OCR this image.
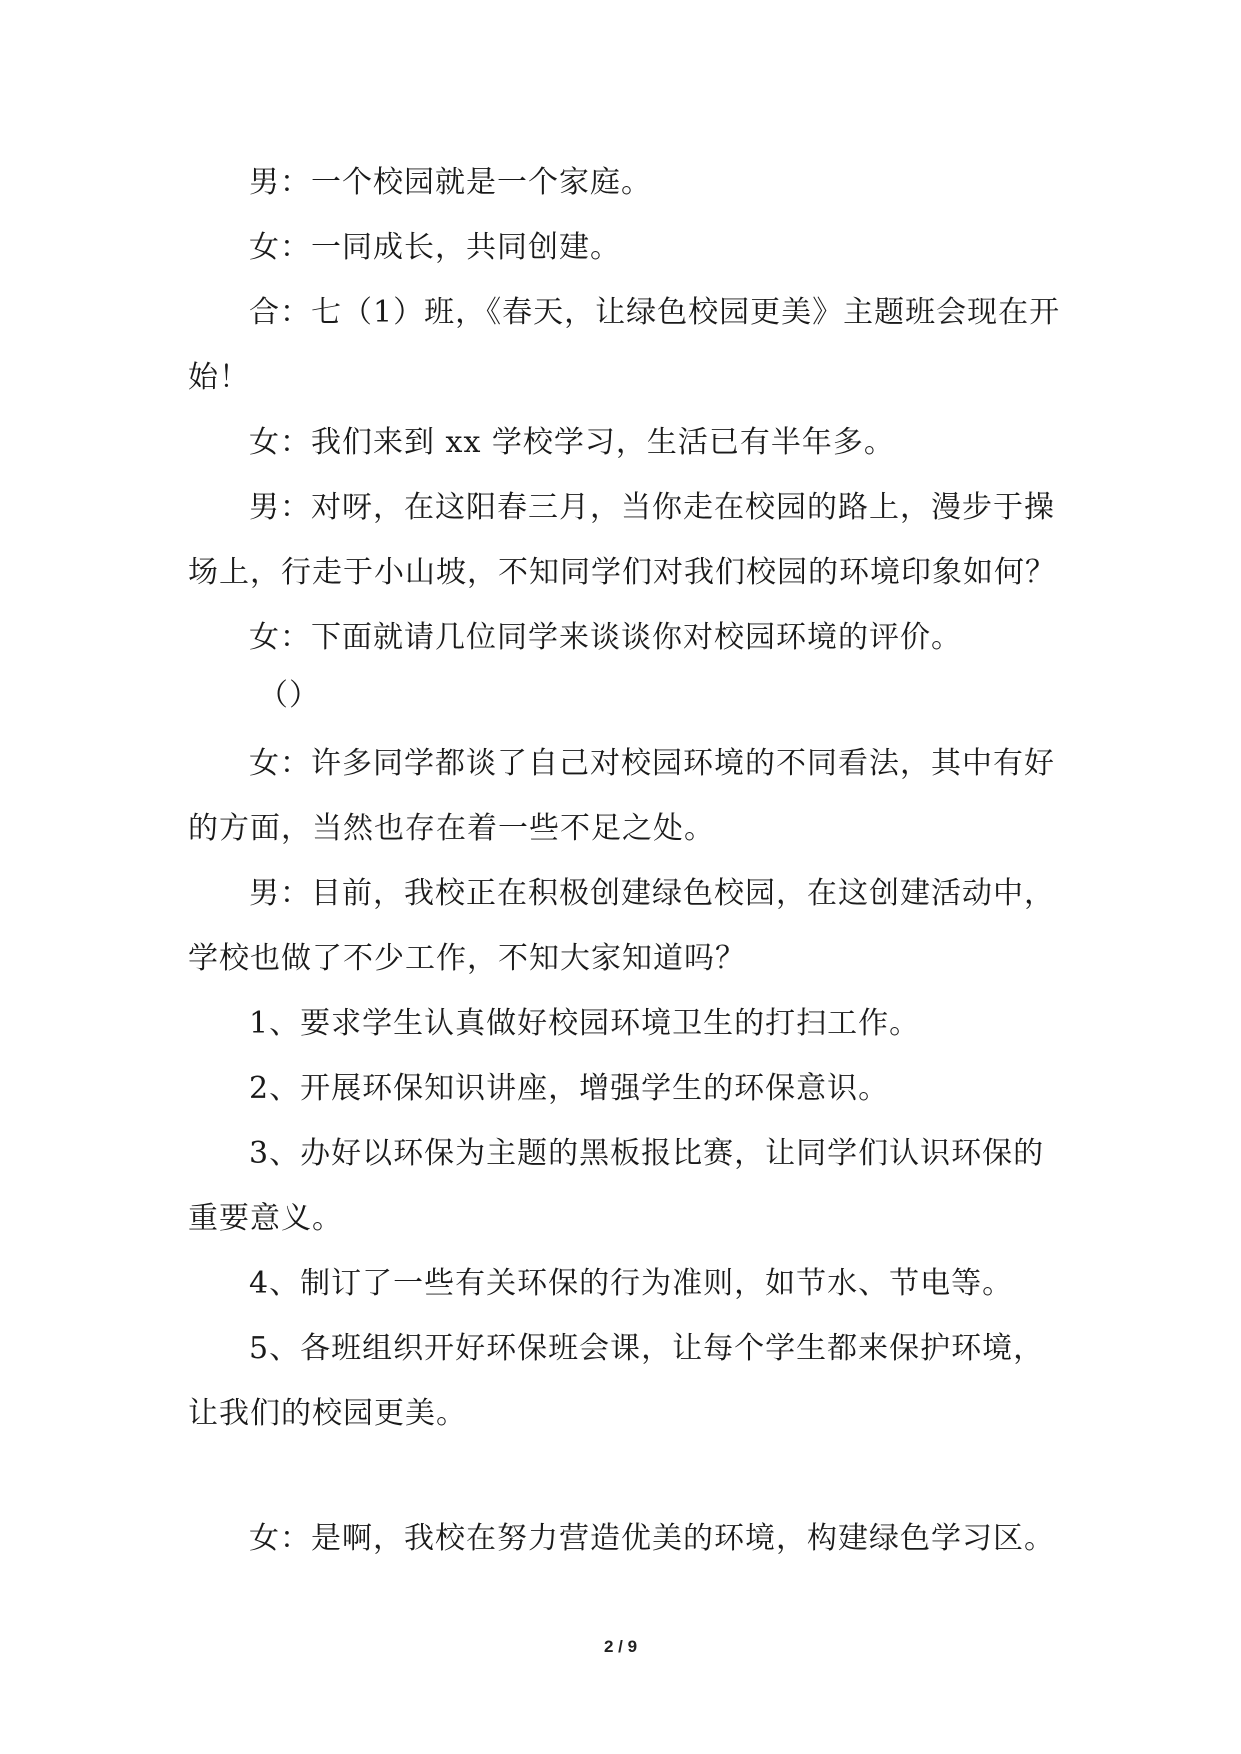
男：一个校园就是一个家庭。
女：一同成长，共同创建。
合：七（1）班，《春天，让绿色校园更美》主题班会现在开
始！
女：我们来到 xx 学校学习，生活已有半年多。
男：对呀，在这阳春三月，当你走在校园的路上，漫步于操
场上，行走于小山坡，不知同学们对我们校园的环境印象如何？
女：下面就请几位同学来谈谈你对校园环境的评价。
（）
女：许多同学都谈了自己对校园环境的不同看法，其中有好
的方面，当然也存在着一些不足之处。
男：目前，我校正在积极创建绿色校园，在这创建活动中，
学校也做了不少工作，不知大家知道吗？
1、要求学生认真做好校园环境卫生的打扫工作。
2、开展环保知识讲座，增强学生的环保意识。
3、办好以环保为主题的黑板报比赛，让同学们认识环保的
重要意义。
4、制订了一些有关环保的行为准则，如节水、节电等。
5、各班组织开好环保班会课，让每个学生都来保护环境，
让我们的校园更美。
女：是啊，我校在努力营造优美的环境，构建绿色学习区。
2 / 9
